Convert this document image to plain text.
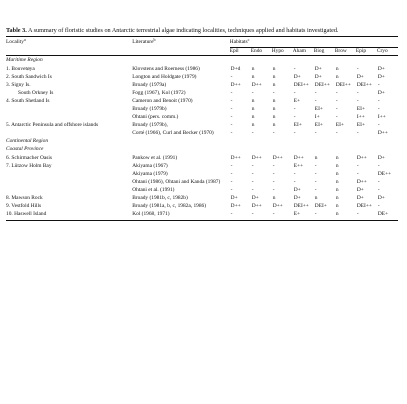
Table 3. A summary of floristic studies on Antarctic terrestrial algae indicating localities, techniques applied and habitats investigated.

Locality$^a$	Literature$^b$	Habitats$^c$
		Epil	Endo	Hypo	Aham	Biog	Brow	Epip	Cryo
Maritime Region									
1. Bouvetøya	Klovstens and Roerness (1986)	D+d	n	n	-	D+	n	-	D+
2. South Sandwich Is	Longton and Holdgate (1979)	-	n	n	D+	D+	n	D+	D+
3. Signy Is.	Broady (1979a)	D++	D++	n	DEI++	DEI++	DEI++	DEI++	-
South Orkney Is	Fogg (1967), Kol (1972)	-	-	-	-	-	-	-	D+
4. South Shetland Is	Cameron and Benoit (1970)	-	n	n	E+	-	-	-	-
	Broady (1979b)	-	n	n	-	EI+	-	EI+	-
	Ohtani (pers. comm.)	-	n	n	-	I+	-	I++	I++
5. Antarctic Peninsula and offshore islands	Broady (1979b),	-	n	n	EI+	EI+	EI+	EI+	-
	Corté (1966), Curl and Becker (1970)	-	-	-	-	-	-	-	D++
Continental Region									
Coastal Province									
6. Schirmacher Oasis	Pankow et al. (1991)	D++	D++	D++	D++	n	n	D++	D+
7. Lützow Holm Bay	Akiyama (1967)	-	-	-	E++	-	n	-	-
	Akiyama (1979)	-	-	-	-	-	n	-	DE++
	Ohtani (1986), Ohtani and Kanda (1987)	-	-	-	-	-	n	D++	-
	Ohtani et al. (1991)	-	-	-	D+	-	n	D+	-
8. Mawson Rock	Broady (1981b, c, 1982b)	D+	D+	n	D+	n	n	D+	D+
9. Vestfold Hills	Broady (1981a, b, c, 1982a, 1986)	D++	D++	D++	DEI++	DEI+	n	DEI++	-
10. Haswell Island	Kol (1968, 1971)	-	-	-	E+	-	n	-	DE+
